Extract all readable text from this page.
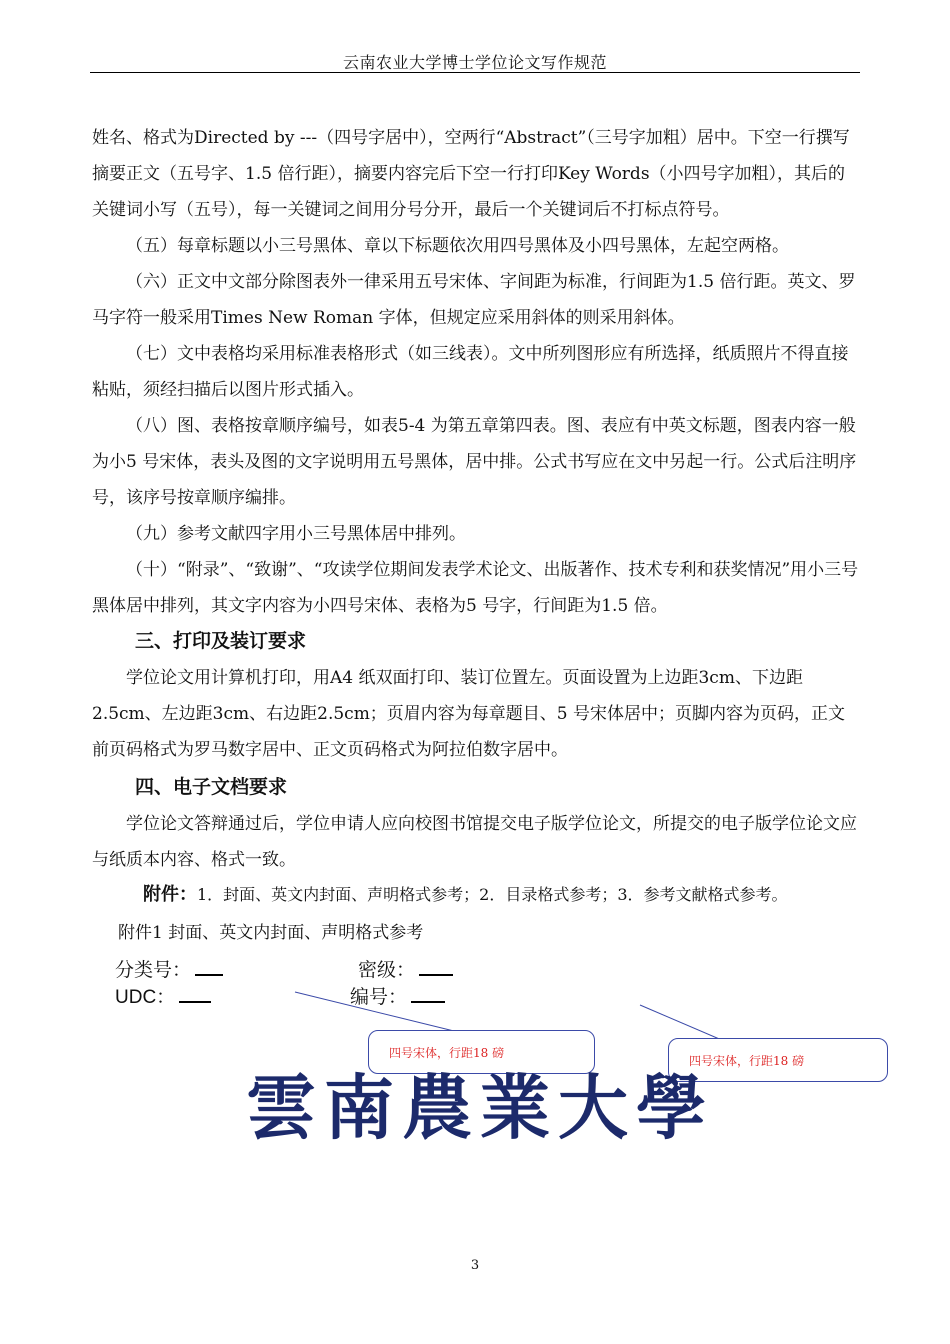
云南农业大学博士学位论文写作规范

姓名、格式为Directed by ---（四号字居中），空两行“Abstract”（三号字加粗）居中。下空一行撰写摘要正文（五号字、1.5 倍行距），摘要内容完后下空一行打印Key Words（小四号字加粗），其后的关键词小写（五号），每一关键词之间用分号分开，最后一个关键词后不打标点符号。

（五）每章标题以小三号黑体、章以下标题依次用四号黑体及小四号黑体，左起空两格。

（六）正文中文部分除图表外一律采用五号宋体、字间距为标准，行间距为1.5 倍行距。英文、罗马字符一般采用Times New Roman 字体，但规定应采用斜体的则采用斜体。

（七）文中表格均采用标准表格形式（如三线表）。文中所列图形应有所选择，纸质照片不得直接粘贴，须经扫描后以图片形式插入。

（八）图、表格按章顺序编号，如表5-4 为第五章第四表。图、表应有中英文标题，图表内容一般为小5 号宋体，表头及图的文字说明用五号黑体，居中排。公式书写应在文中另起一行。公式后注明序号，该序号按章顺序编排。

（九）参考文献四字用小三号黑体居中排列。

（十）“附录”、“致谢”、“攻读学位期间发表学术论文、出版著作、技术专利和获奖情况”用小三号黑体居中排列，其文字内容为小四号宋体、表格为5 号字，行间距为1.5 倍。

三、打印及装订要求

学位论文用计算机打印，用A4 纸双面打印、装订位置左。页面设置为上边距3cm、下边距2.5cm、左边距3cm、右边距2.5cm；页眉内容为每章题目、5 号宋体居中；页脚内容为页码，正文前页码格式为罗马数字居中、正文页码格式为阿拉伯数字居中。

四、电子文档要求

学位论文答辩通过后，学位申请人应向校图书馆提交电子版学位论文，所提交的电子版学位论文应与纸质本内容、格式一致。

附件：1．封面、英文内封面、声明格式参考；2．目录格式参考；3．参考文献格式参考。
附件1 封面、英文内封面、声明格式参考
分类号：	密级：
UDC：	编号：
四号宋体，行距18 磅
四号宋体，行距18 磅
雲南農業大學
3
